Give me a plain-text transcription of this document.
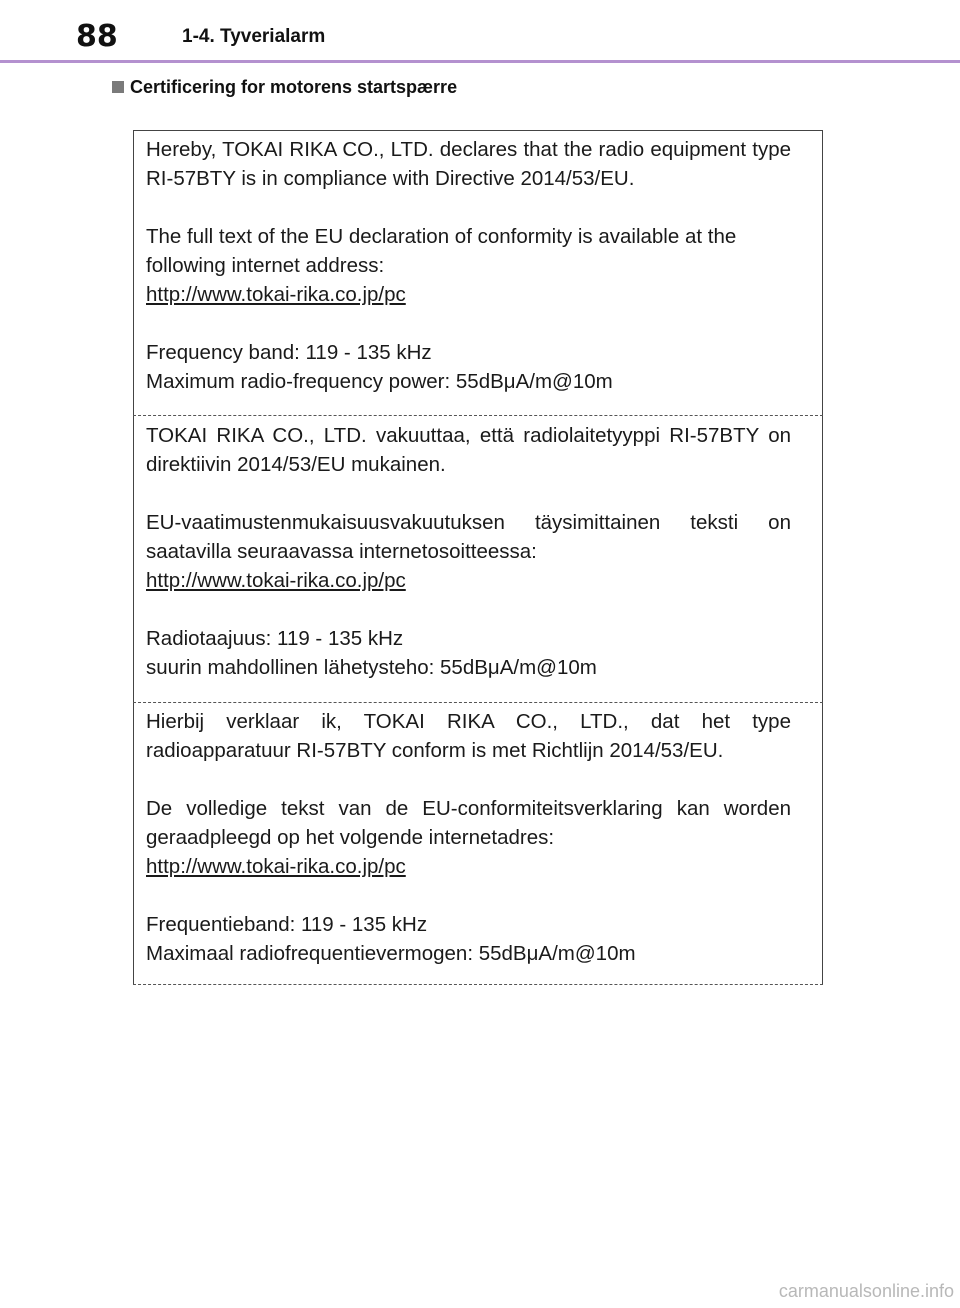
88	1-4. Tyverialarm
Certificering for motorens startspærre

Hereby, TOKAI RIKA CO., LTD. declares that the radio equipment type

RI-57BTY is in compliance with Directive 2014/53/EU.

The full text of the EU declaration of conformity is available at the

following internet address:

http://www.tokai-rika.co.jp/pc

Frequency band: 119 - 135 kHz

Maximum radio-frequency power: 55dBμA/m@10m

TOKAI RIKA CO., LTD. vakuuttaa, että radiolaitetyyppi RI-57BTY on

direktiivin 2014/53/EU mukainen.

EU-vaatimustenmukaisuusvakuutuksen täysimittainen teksti on

saatavilla seuraavassa internetosoitteessa:

http://www.tokai-rika.co.jp/pc

Radiotaajuus: 119 - 135 kHz

suurin mahdollinen lähetysteho: 55dBμA/m@10m

Hierbij verklaar ik, TOKAI RIKA CO., LTD., dat het type

radioapparatuur RI-57BTY conform is met Richtlijn 2014/53/EU.

De volledige tekst van de EU-conformiteitsverklaring kan worden

geraadpleegd op het volgende internetadres:

http://www.tokai-rika.co.jp/pc

Frequentieband: 119 - 135 kHz

Maximaal radiofrequentievermogen: 55dBμA/m@10m

carmanualsonline.info
